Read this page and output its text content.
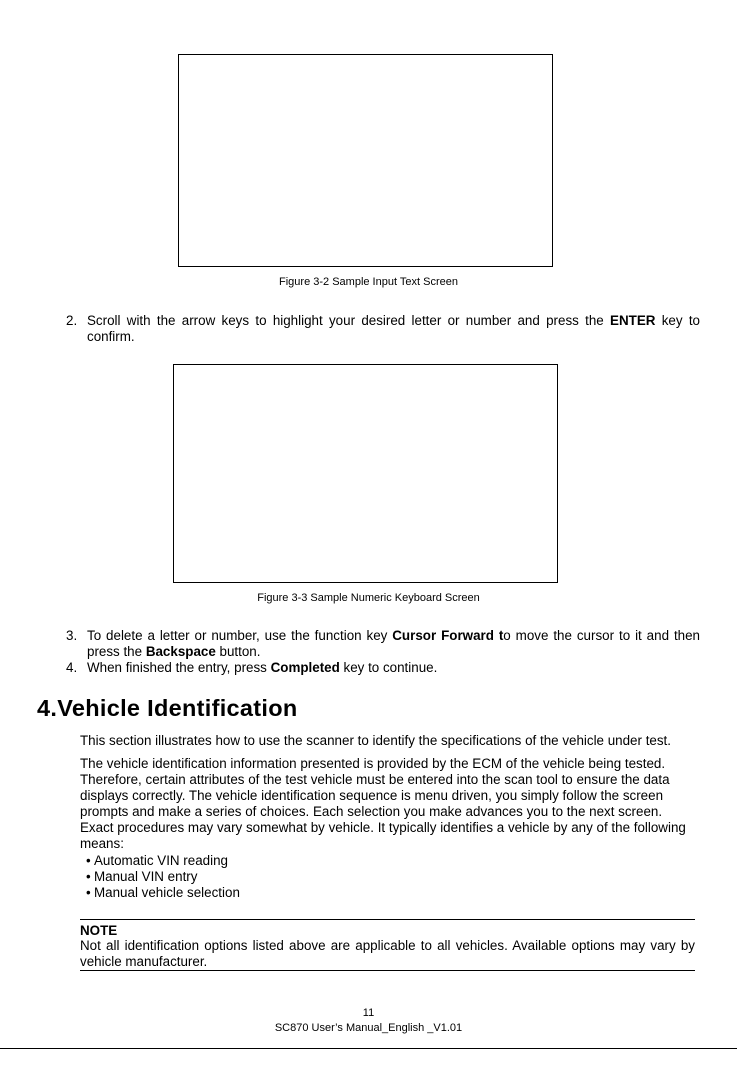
Figure 3-2 Sample Input Text Screen
2. Scroll with the arrow keys to highlight your desired letter or number and press the ENTER key to confirm.
Figure 3-3 Sample Numeric Keyboard Screen
3. To delete a letter or number, use the function key Cursor Forward to move the cursor to it and then press the Backspace button.
4. When finished the entry, press Completed key to continue.
4.Vehicle Identification

This section illustrates how to use the scanner to identify the specifications of the vehicle under test.

The vehicle identification information presented is provided by the ECM of the vehicle being tested. Therefore, certain attributes of the test vehicle must be entered into the scan tool to ensure the data displays correctly. The vehicle identification sequence is menu driven, you simply follow the screen prompts and make a series of choices. Each selection you make advances you to the next screen. Exact procedures may vary somewhat by vehicle. It typically identifies a vehicle by any of the following means:

• Automatic VIN reading
• Manual VIN entry
• Manual vehicle selection

NOTE

Not all identification options listed above are applicable to all vehicles. Available options may vary by vehicle manufacturer.

11
SC870 User’s Manual_English _V1.01
